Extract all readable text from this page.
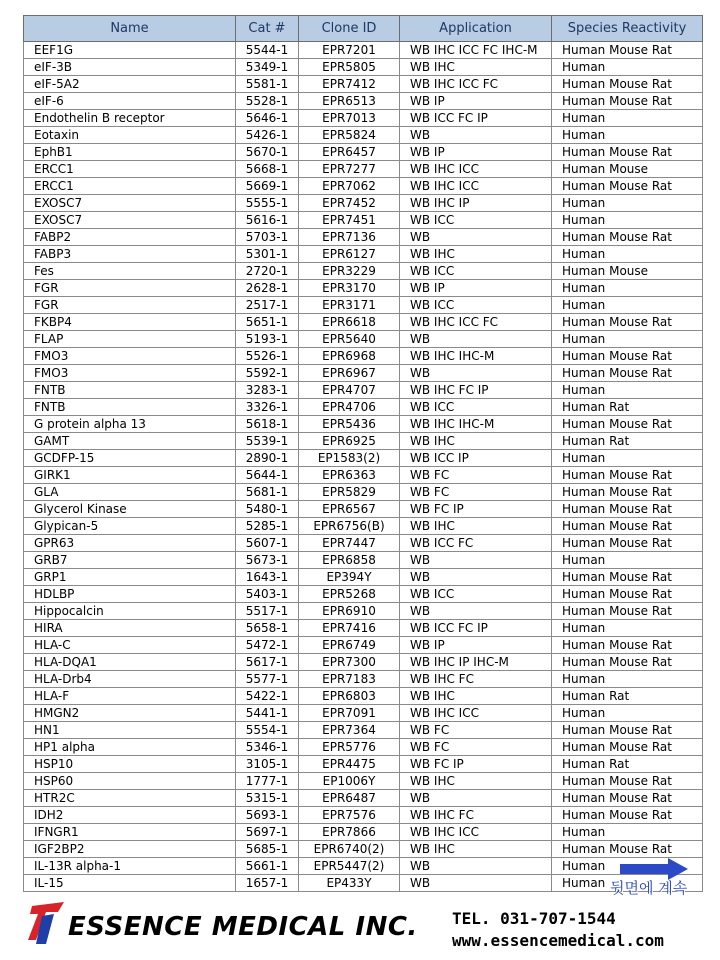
Name	Cat #	Clone ID	Application	Species Reactivity
EEF1G	5544-1	EPR7201	WB IHC ICC FC IHC-M	Human Mouse Rat
eIF-3B	5349-1	EPR5805	WB IHC	Human
eIF-5A2	5581-1	EPR7412	WB IHC ICC FC	Human Mouse Rat
eIF-6	5528-1	EPR6513	WB IP	Human Mouse Rat
Endothelin B receptor	5646-1	EPR7013	WB ICC FC IP	Human
Eotaxin	5426-1	EPR5824	WB	Human
EphB1	5670-1	EPR6457	WB IP	Human Mouse Rat
ERCC1	5668-1	EPR7277	WB IHC ICC	Human Mouse
ERCC1	5669-1	EPR7062	WB IHC ICC	Human Mouse Rat
EXOSC7	5555-1	EPR7452	WB IHC IP	Human
EXOSC7	5616-1	EPR7451	WB ICC	Human
FABP2	5703-1	EPR7136	WB	Human Mouse Rat
FABP3	5301-1	EPR6127	WB IHC	Human
Fes	2720-1	EPR3229	WB ICC	Human Mouse
FGR	2628-1	EPR3170	WB IP	Human
FGR	2517-1	EPR3171	WB ICC	Human
FKBP4	5651-1	EPR6618	WB IHC ICC FC	Human Mouse Rat
FLAP	5193-1	EPR5640	WB	Human
FMO3	5526-1	EPR6968	WB IHC IHC-M	Human Mouse Rat
FMO3	5592-1	EPR6967	WB	Human Mouse Rat
FNTB	3283-1	EPR4707	WB IHC FC IP	Human
FNTB	3326-1	EPR4706	WB ICC	Human Rat
G protein alpha 13	5618-1	EPR5436	WB IHC IHC-M	Human Mouse Rat
GAMT	5539-1	EPR6925	WB IHC	Human Rat
GCDFP-15	2890-1	EP1583(2)	WB ICC IP	Human
GIRK1	5644-1	EPR6363	WB FC	Human Mouse Rat
GLA	5681-1	EPR5829	WB FC	Human Mouse Rat
Glycerol Kinase	5480-1	EPR6567	WB FC IP	Human Mouse Rat
Glypican-5	5285-1	EPR6756(B)	WB IHC	Human Mouse Rat
GPR63	5607-1	EPR7447	WB ICC FC	Human Mouse Rat
GRB7	5673-1	EPR6858	WB	Human
GRP1	1643-1	EP394Y	WB	Human Mouse Rat
HDLBP	5403-1	EPR5268	WB ICC	Human Mouse Rat
Hippocalcin	5517-1	EPR6910	WB	Human Mouse Rat
HIRA	5658-1	EPR7416	WB ICC FC IP	Human
HLA-C	5472-1	EPR6749	WB IP	Human Mouse Rat
HLA-DQA1	5617-1	EPR7300	WB IHC IP IHC-M	Human Mouse Rat
HLA-Drb4	5577-1	EPR7183	WB IHC FC	Human
HLA-F	5422-1	EPR6803	WB IHC	Human Rat
HMGN2	5441-1	EPR7091	WB IHC ICC	Human
HN1	5554-1	EPR7364	WB FC	Human Mouse Rat
HP1 alpha	5346-1	EPR5776	WB FC	Human Mouse Rat
HSP10	3105-1	EPR4475	WB FC IP	Human Rat
HSP60	1777-1	EP1006Y	WB IHC	Human Mouse Rat
HTR2C	5315-1	EPR6487	WB	Human Mouse Rat
IDH2	5693-1	EPR7576	WB IHC FC	Human Mouse Rat
IFNGR1	5697-1	EPR7866	WB IHC ICC	Human
IGF2BP2	5685-1	EPR6740(2)	WB IHC	Human Mouse Rat
IL-13R alpha-1	5661-1	EPR5447(2)	WB	Human
IL-15	1657-1	EP433Y	WB	Human 뒷면에 계속
ESSENCE MEDICAL INC. TEL. 031-707-1544
www.essencemedical.com
